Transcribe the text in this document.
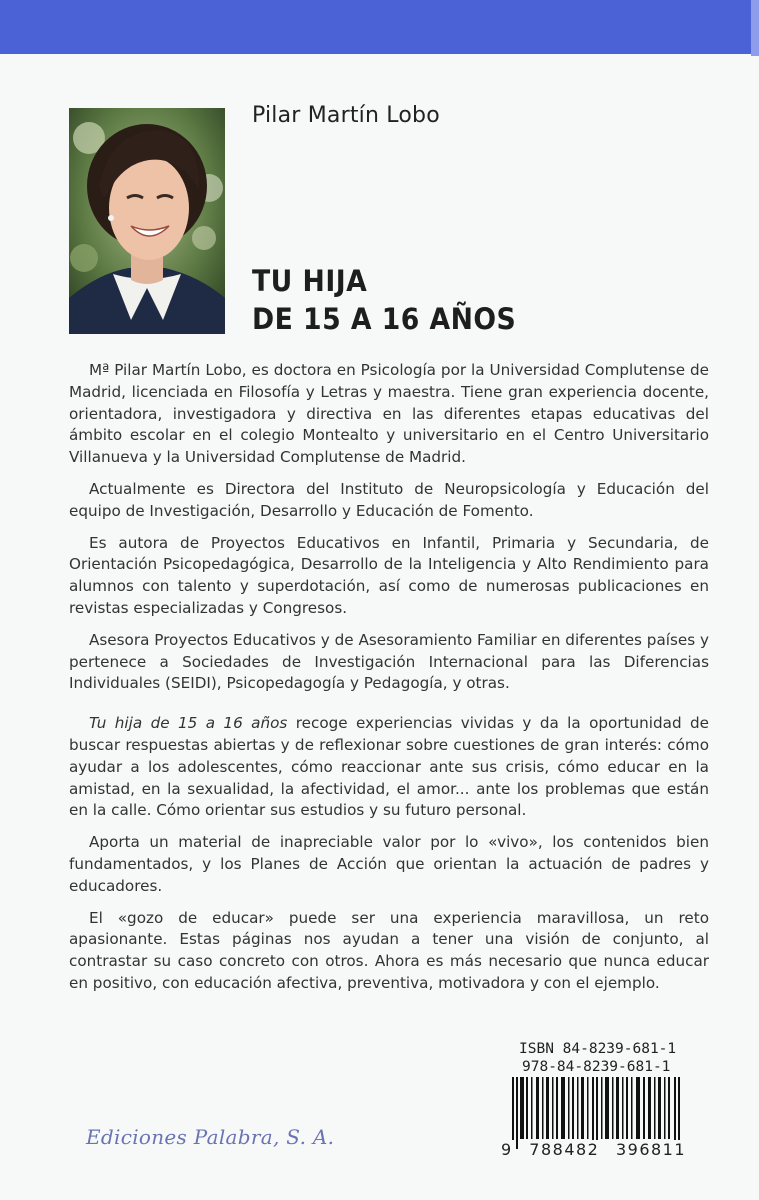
Pilar Martín Lobo
TU HIJA
DE 15 A 16 AÑOS

Mª Pilar Martín Lobo, es doctora en Psicología por la Universidad Complutense de Madrid, licenciada en Filosofía y Letras y maestra. Tiene gran experiencia docente, orientadora, investigadora y directiva en las diferentes etapas educativas del ámbito escolar en el colegio Montealto y universitario en el Centro Universitario Villanueva y la Universidad Complutense de Madrid.

Actualmente es Directora del Instituto de Neuropsicología y Educación del equipo de Investigación, Desarrollo y Educación de Fomento.

Es autora de Proyectos Educativos en Infantil, Primaria y Secundaria, de Orientación Psicopedagógica, Desarrollo de la Inteligencia y Alto Rendimiento para alumnos con talento y superdotación, así como de numerosas publicaciones en revistas especializadas y Congresos.

Asesora Proyectos Educativos y de Asesoramiento Familiar en diferentes países y pertenece a Sociedades de Investigación Internacional para las Diferencias Individuales (SEIDI), Psicopedagogía y Pedagogía, y otras.

Tu hija de 15 a 16 años recoge experiencias vividas y da la oportunidad de buscar respuestas abiertas y de reflexionar sobre cuestiones de gran interés: cómo ayudar a los adolescentes, cómo reaccionar ante sus crisis, cómo educar en la amistad, en la sexualidad, la afectividad, el amor... ante los problemas que están en la calle. Cómo orientar sus estudios y su futuro personal.

Aporta un material de inapreciable valor por lo «vivo», los contenidos bien fundamentados, y los Planes de Acción que orientan la actuación de padres y educadores.

El «gozo de educar» puede ser una experiencia maravillosa, un reto apasionante. Estas páginas nos ayudan a tener una visión de conjunto, al contrastar su caso concreto con otros. Ahora es más necesario que nunca educar en positivo, con educación afectiva, preventiva, motivadora y con el ejemplo.

ISBN 84-8239-681-1
978-84-8239-681-1
9 788482 396811
Ediciones Palabra, S. A.
